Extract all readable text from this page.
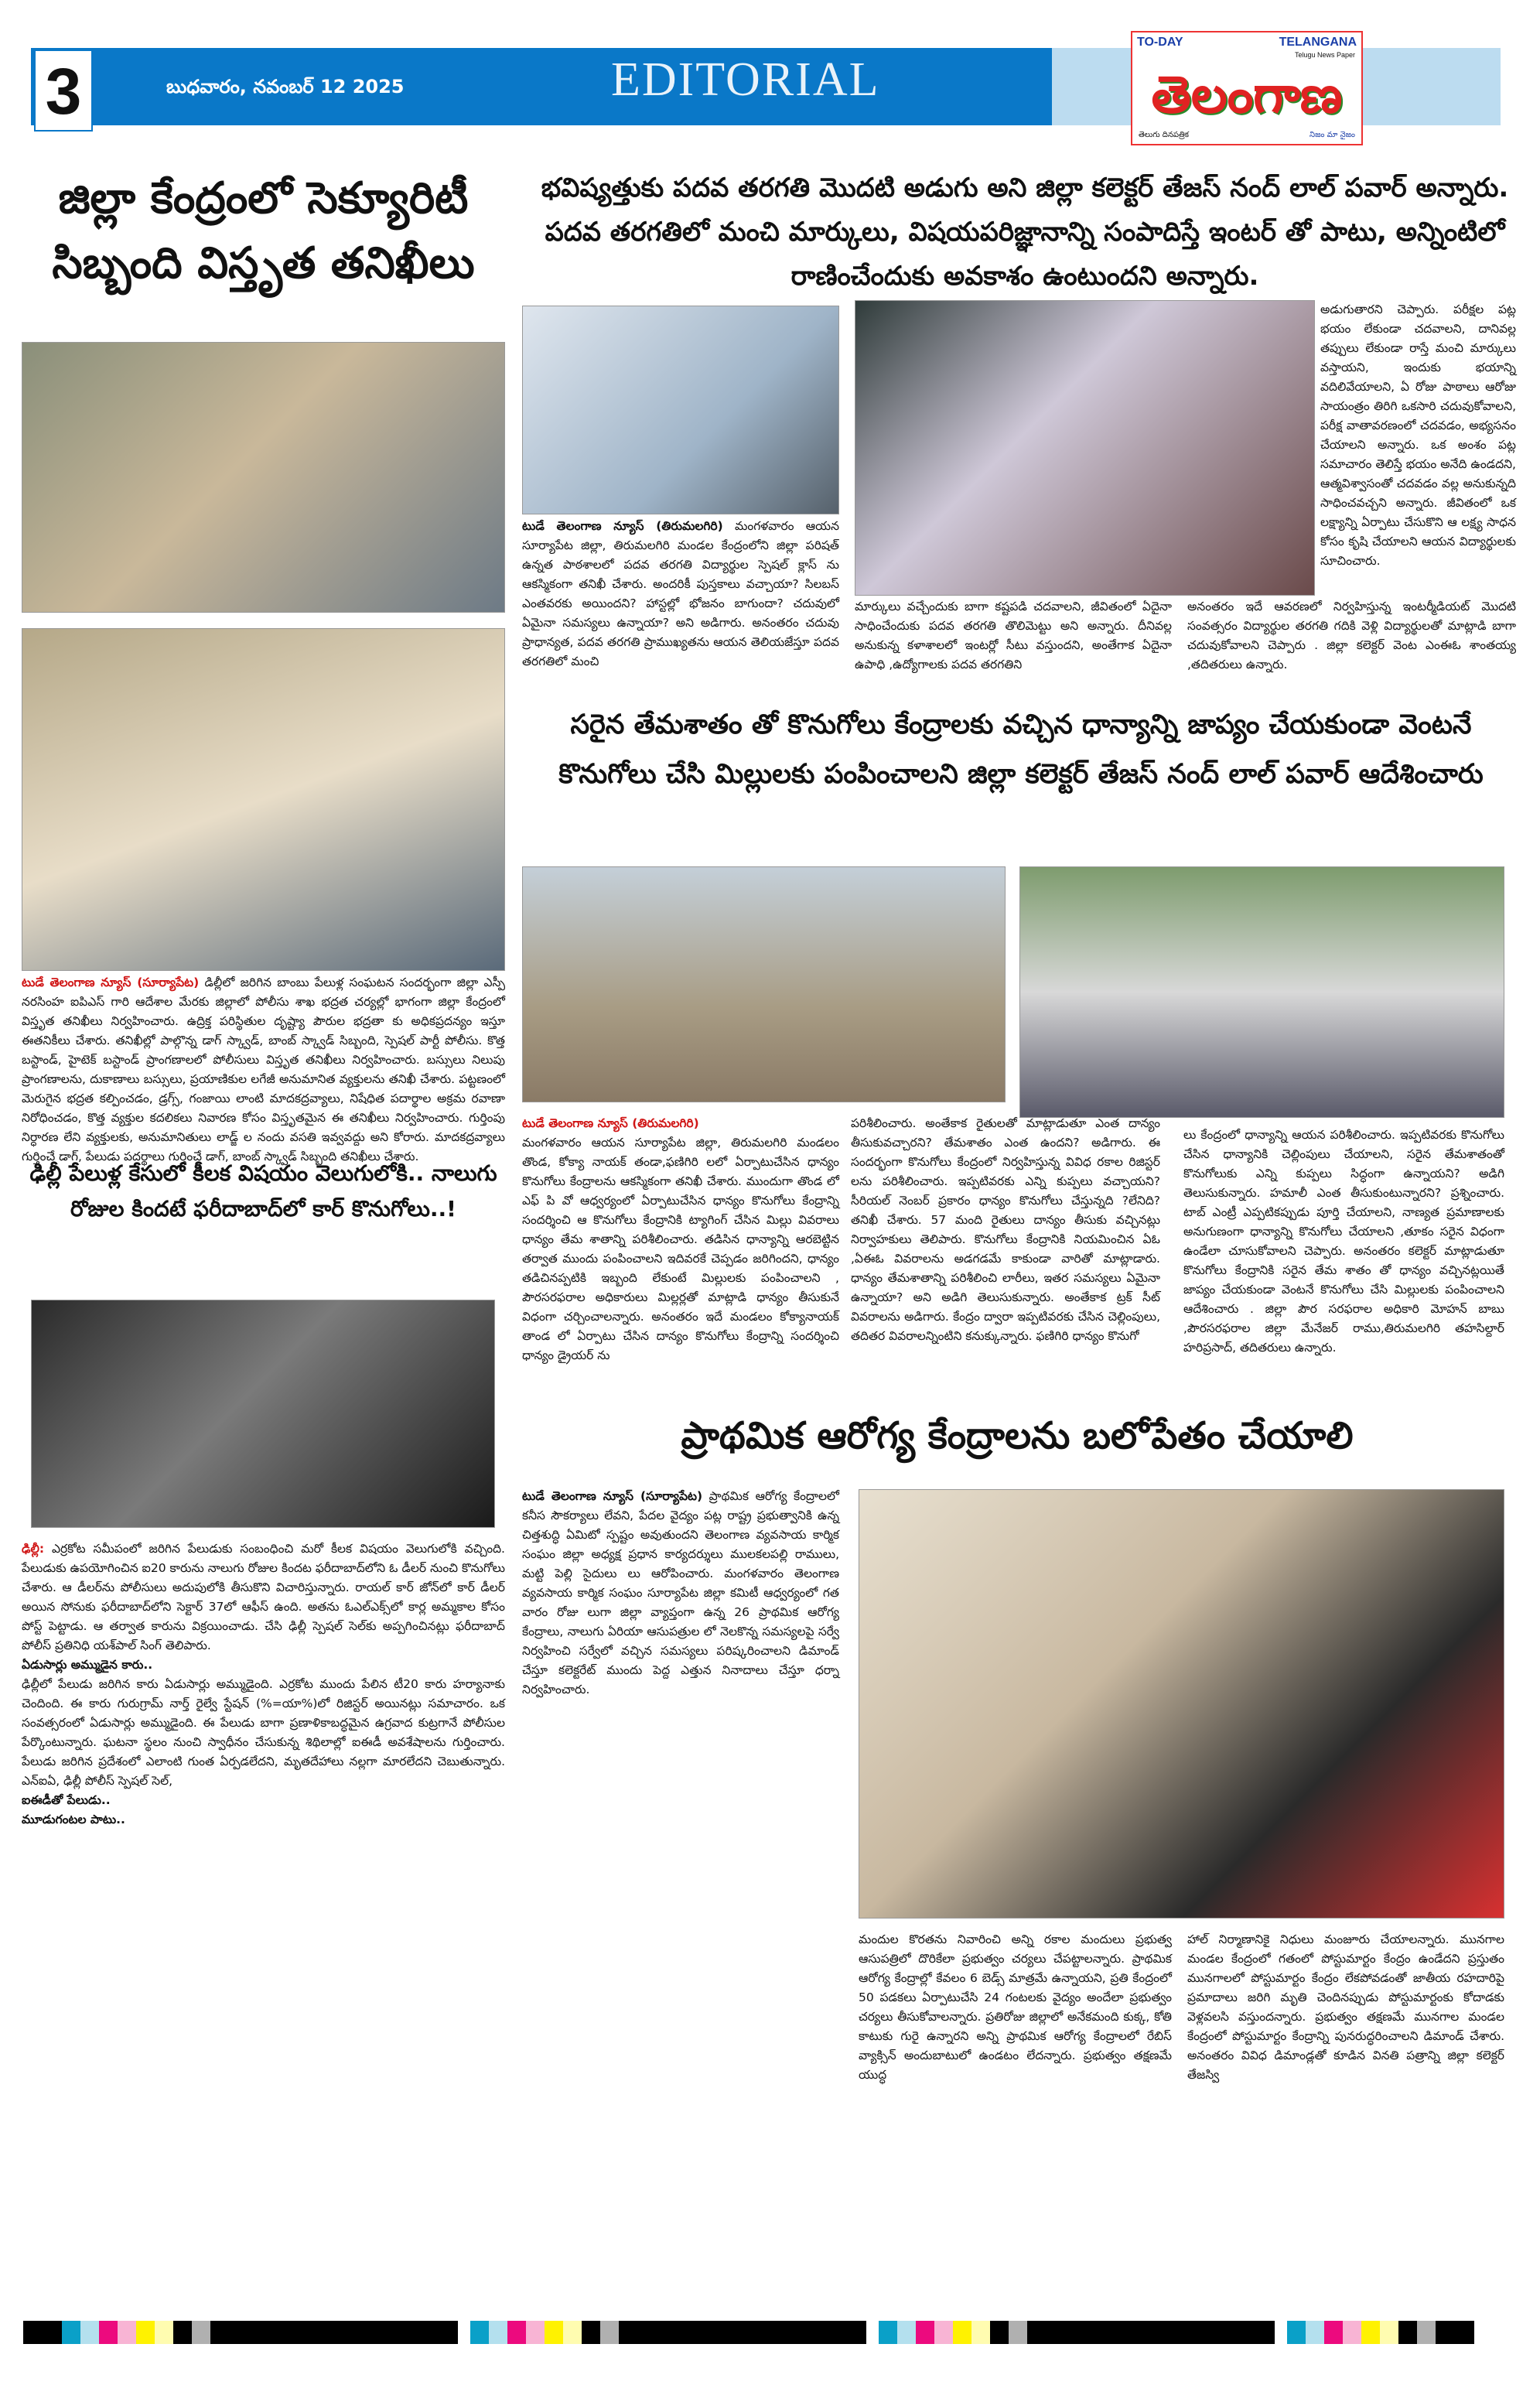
3	బుధవారం, నవంబర్ 12 2025	EDITORIAL
TO-DAY	TELANGANA
Telugu News Paper
తెలంగాణ
తెలుగు దినపత్రిక	నిజం మా నైజం
జిల్లా కేంద్రంలో సెక్యూరిటీ సిబ్బంది విస్తృత తనిఖీలు
టుడే తెలంగాణ న్యూస్ (సూర్యాపేట) డిల్లీలో జరిగిన బాంబు పేలుళ్ల సంఘటన సందర్భంగా జిల్లా ఎస్పీ నరసింహ ఐపిఎస్ గారి ఆదేశాల మేరకు జిల్లాలో పోలీసు శాఖ భద్రత చర్యల్లో భాగంగా జిల్లా కేంద్రంలో విస్తృత తనిఖీలు నిర్వహించారు. ఉద్రిక్త పరిస్థితుల దృష్ట్యా పౌరుల భద్రతా కు అధికప్రదన్యం ఇస్తూ ఈతనికీలు చేశారు. తనిఖీల్లో పాల్గొన్న డాగ్ స్క్వాడ్, బాంబ్ స్క్వాడ్ సిబ్బంది, స్పెషల్ పార్టీ పోలీసు. కొత్త బస్టాండ్, హైటెక్ బస్టాండ్ ప్రాంగణాలలో పోలీసులు విస్తృత తనిఖీలు నిర్వహించారు. బస్సులు నిలుపు ప్రాంగణాలను, దుకాణాలు బస్సులు, ప్రయాణికుల లగేజీ అనుమానిత వ్యక్తులను తనిఖీ చేశారు. పట్టణంలో మెరుగైన భద్రత కల్పించడం, డ్రగ్స్, గంజాయి లాంటి మాదకద్రవ్యాలు, నిషేధిత పదార్థాల అక్రమ రవాణా నిరోధించడం, కొత్త వ్యక్తుల కదలికలు నివారణ కోసం విస్తృతమైన ఈ తనిఖీలు నిర్వహించారు. గుర్తింపు నిర్ధారణ లేని వ్యక్తులకు, అనుమానితులు లాడ్జ్ ల నందు వసతి ఇవ్వవద్దు అని కోరారు. మాదకద్రవ్యాలు గుర్తించే డాగ్, పేలుడు పదర్థాలు గుర్తించే డాగ్, బాంబ్ స్క్వాడ్ సిబ్బంది తనిఖీలు చేశారు.
ఢిల్లీ పేలుళ్ల కేసులో కీలక విషయం వెలుగులోకి.. నాలుగు రోజుల కిందటే ఫరీదాబాద్‌లో కార్ కొనుగోలు..!
ఢిల్లీ: ఎర్రకోట సమీపంలో జరిగిన పేలుడుకు సంబంధించి మరో కీలక విషయం వెలుగులోకి వచ్చింది. పేలుడుకు ఉపయోగించిన ఐ20 కారును నాలుగు రోజుల కిందట ఫరీదాబాద్‌లోని ఓ డీలర్ నుంచి కొనుగోలు చేశారు. ఆ డీలర్‌ను పోలీసులు అదుపులోకి తీసుకొని విచారిస్తున్నారు. రాయల్ కార్ జోన్‌లో కార్ డీలర్ అయిన సోనుకు ఫరీదాబాద్‌లోని సెక్టార్ 37లో ఆఫీస్ ఉంది. అతను ఓఎల్ఎక్స్‌లో కార్ల అమ్మకాల కోసం పోస్ట్ పెట్టాడు. ఆ తర్వాత కారును విక్రయించాడు. చేసి ఢిల్లీ స్పెషల్ సెల్‌కు అప్పగించినట్లు ఫరీదాబాద్ పోలీస్ ప్రతినిధి యశ్‌పాల్ సింగ్ తెలిపారు.
ఏడుసార్లు అమ్ముడైన కారు..
ఢిల్లీలో పేలుడు జరిగిన కారు ఏడుసార్లు అమ్ముడైంది. ఎర్రకోట ముందు పేలిన టీ20 కారు హర్యానాకు చెందింది. ఈ కారు గురుగ్రామ్ నార్త్ రైల్వే స్టేషన్ (%=యా%)లో రిజిస్టర్ అయినట్లు సమాచారం. ఒక సంవత్సరంలో ఏడుసార్లు అమ్ముడైంది. ఈ పేలుడు బాగా ప్రణాళికాబద్ధమైన ఉగ్రవాద కుట్రగానే పోలీసుల పేర్కొంటున్నారు. ఘటనా స్థలం నుంచి స్వాధీనం చేసుకున్న శిథిలాల్లో ఐఈడీ అవశేషాలను గుర్తించారు. పేలుడు జరిగిన ప్రదేశంలో ఎలాంటి గుంత ఏర్పడలేదని, మృతదేహాలు నల్లగా మారలేదని చెబుతున్నారు. ఎన్ఐఏ, ఢిల్లీ పోలీస్ స్పెషల్ సెల్,
ఐఈడీతో పేలుడు..
మూడుగంటల పాటు..
భవిష్యత్తుకు పదవ తరగతి మొదటి అడుగు అని జిల్లా కలెక్టర్ తేజస్ నంద్ లాల్ పవార్ అన్నారు. పదవ తరగతిలో మంచి మార్కులు, విషయపరిజ్ఞానాన్ని సంపాదిస్తే ఇంటర్ తో పాటు, అన్నింటిలో రాణించేందుకు అవకాశం ఉంటుందని అన్నారు.
టుడే తెలంగాణ న్యూస్ (తిరుమలగిరి) మంగళవారం ఆయన సూర్యాపేట జిల్లా, తిరుమలగిరి మండల కేంద్రంలోని జిల్లా పరిషత్ ఉన్నత పాఠశాలలో పదవ తరగతి విద్యార్థుల స్పెషల్ క్లాస్ ను ఆకస్మికంగా తనిఖీ చేశారు. అందరికీ పుస్తకాలు వచ్చాయా? సిలబస్ ఎంతవరకు అయిందని? హాస్టల్లో భోజనం బాగుందా? చదువులో ఏమైనా సమస్యలు ఉన్నాయా? అని అడిగారు. అనంతరం చదువు ప్రాధాన్యత, పదవ తరగతి ప్రాముఖ్యతను ఆయన తెలియజేస్తూ పదవ తరగతిలో మంచి
అడుగుతారని చెప్పారు. పరీక్షల పట్ల భయం లేకుండా చదవాలని, దానివల్ల తప్పులు లేకుండా రాస్తే మంచి మార్కులు వస్తాయని, ఇందుకు భయాన్ని వదిలివేయాలని, ఏ రోజు పాఠాలు ఆరోజు సాయంత్రం తిరిగి ఒకసారి చదువుకోవాలని, పరీక్ష వాతావరణంలో చదవడం, అభ్యసనం చేయాలని అన్నారు. ఒక అంశం పట్ల సమాచారం తెలిస్తే భయం అనేది ఉండదని, ఆత్మవిశ్వాసంతో చదవడం వల్ల అనుకున్నది సాధించవచ్చని అన్నారు. జీవితంలో ఒక లక్ష్యాన్ని ఏర్పాటు చేసుకొని ఆ లక్ష్య సాధన కోసం కృషి చేయాలని ఆయన విద్యార్థులకు సూచించారు.
మార్కులు వచ్చేందుకు బాగా కష్టపడి చదవాలని, జీవితంలో ఏదైనా సాధించేందుకు పదవ తరగతి తొలిమెట్టు అని అన్నారు. దీనివల్ల అనుకున్న కళాశాలలో ఇంటర్లో సీటు వస్తుందని, అంతేగాక ఏదైనా ఉపాధి ,ఉద్యోగాలకు పదవ తరగతిని
అనంతరం ఇదే ఆవరణలో నిర్వహిస్తున్న ఇంటర్మీడియట్ మొదటి సంవత్సరం విద్యార్థుల తరగతి గదికి వెళ్లి విద్యార్థులతో మాట్లాడి బాగా చదువుకోవాలని చెప్పారు . జిల్లా కలెక్టర్ వెంట ఎంఈఓ శాంతయ్య ,తదితరులు ఉన్నారు.
సరైన తేమశాతం తో కొనుగోలు కేంద్రాలకు వచ్చిన ధాన్యాన్ని జాప్యం చేయకుండా వెంటనే కొనుగోలు చేసి మిల్లులకు పంపించాలని జిల్లా కలెక్టర్ తేజస్ నంద్ లాల్ పవార్ ఆదేశించారు
టుడే తెలంగాణ న్యూస్ (తిరుమలగిరి)
మంగళవారం ఆయన సూర్యాపేట జిల్లా, తిరుమలగిరి మండలం తొండ, కోక్యా నాయక్ తండా,ఫణిగిరి లలో ఏర్పాటుచేసిన ధాన్యం కొనుగోలు కేంద్రాలను ఆకస్మికంగా తనిఖీ చేశారు. ముందుగా తొండ లో ఎఫ్ పి వో ఆధ్వర్యంలో ఏర్పాటుచేసిన ధాన్యం కొనుగోలు కేంద్రాన్ని సందర్శించి ఆ కొనుగోలు కేంద్రానికి ట్యాగింగ్ చేసిన మిల్లు వివరాలు ధాన్యం తేమ శాతాన్ని పరిశీలించారు. తడిసిన ధాన్యాన్ని ఆరబెట్టిన తర్వాత ముందు పంపించాలని ఇదివరకే చెప్పడం జరిగిందని, ధాన్యం తడిచినప్పటికి ఇబ్బంది లేకుంటే మిల్లులకు పంపించాలని , పౌరసరఫరాల అధికారులు మిల్లర్లతో మాట్లాడి ధాన్యం తీసుకునే విధంగా చర్చించాలన్నారు. అనంతరం ఇదే మండలం కోక్యానాయక్ తాండ లో ఏర్పాటు చేసిన దాన్యం కొనుగోలు కేంద్రాన్ని సందర్శించి ధాన్యం డ్రైయర్ ను
పరిశీలించారు. అంతేకాక రైతులతో మాట్లాడుతూ ఎంత దాన్యం తీసుకువచ్చారని? తేమశాతం ఎంత ఉందని? అడిగారు. ఈ సందర్భంగా కొనుగోలు కేంద్రంలో నిర్వహిస్తున్న వివిధ రకాల రిజిస్టర్ లను పరిశీలించారు. ఇప్పటివరకు ఎన్ని కుప్పలు వచ్చాయని? సీరియల్ నెంబర్ ప్రకారం ధాన్యం కొనుగోలు చేస్తున్నది ?లేనిది? తనిఖీ చేశారు. 57 మంది రైతులు దాన్యం తీసుకు వచ్చినట్లు నిర్వాహకులు తెలిపారు. కొనుగోలు కేంద్రానికి నియమించిన ఏఓ ,ఏఈఓ వివరాలను అడగడమే కాకుండా వారితో మాట్లాడారు. ధాన్యం తేమశాతాన్ని పరిశీలించి లారీలు, ఇతర సమస్యలు ఏమైనా ఉన్నాయా? అని అడిగి తెలుసుకున్నారు. అంతేకాక ట్రక్ సీట్ వివరాలను అడిగారు. కేంద్రం ద్వారా ఇప్పటివరకు చేసిన చెల్లింపులు, తదితర వివరాలన్నింటిని కనుక్కున్నారు. ఫణిగిరి ధాన్యం కొనుగో
లు కేంద్రంలో ధాన్యాన్ని ఆయన పరిశీలించారు. ఇప్పటివరకు కొనుగోలు చేసిన ధాన్యానికి చెల్లింపులు చేయాలని, సరైన తేమశాతంతో కొనుగోలుకు ఎన్ని కుప్పలు సిద్ధంగా ఉన్నాయని? అడిగి తెలుసుకున్నారు. హమాలీ ఎంత తీసుకుంటున్నారని? ప్రశ్నించారు. టాబ్ ఎంట్రీ ఎప్పటికప్పుడు పూర్తి చేయాలని, నాణ్యత ప్రమాణాలకు అనుగుణంగా ధాన్యాన్ని కొనుగోలు చేయాలని ,తూకం సరైన విధంగా ఉండేలా చూసుకోవాలని చెప్పారు. అనంతరం కలెక్టర్ మాట్లాడుతూ కొనుగోలు కేంద్రానికి సరైన తేమ శాతం తో ధాన్యం వచ్చినట్లయితే జాప్యం చేయకుండా వెంటనే కొనుగోలు చేసి మిల్లులకు పంపించాలని ఆదేశించారు . జిల్లా పౌర సరఫరాల అధికారి మోహన్ బాబు ,పౌరసరఫరాల జిల్లా మేనేజర్ రాము,తిరుమలగిరి తహసిల్దార్ హరిప్రసాద్, తదితరులు ఉన్నారు.
ప్రాథమిక ఆరోగ్య కేంద్రాలను బలోపేతం చేయాలి
టుడే తెలంగాణ న్యూస్ (సూర్యాపేట) ప్రాథమిక ఆరోగ్య కేంద్రాలలో కనీస సౌకర్యాలు లేవని, పేదల వైద్యం పట్ల రాష్ట్ర ప్రభుత్వానికి ఉన్న చిత్తశుద్ధి ఏమిటో స్పష్టం అవుతుందని తెలంగాణ వ్యవసాయ కార్మిక సంఘం జిల్లా అధ్యక్ష ప్రధాన కార్యదర్శులు ములకలపల్లి రాములు, మట్టి పెల్లి సైదులు లు ఆరోపించారు. మంగళవారం తెలంగాణ వ్యవసాయ కార్మిక సంఘం సూర్యాపేట జిల్లా కమిటీ ఆధ్వర్యంలో గత వారం రోజు లుగా జిల్లా వ్యాప్తంగా ఉన్న 26 ప్రాథమిక ఆరోగ్య కేంద్రాలు, నాలుగు ఏరియా ఆసుపత్రుల లో నెలకొన్న సమస్యలపై సర్వే నిర్వహించి సర్వేలో వచ్చిన సమస్యలు పరిష్కరించాలని డిమాండ్ చేస్తూ కలెక్టరేట్ ముందు పెద్ద ఎత్తున నినాదాలు చేస్తూ ధర్నా నిర్వహించారు.
మందుల కొరతను నివారించి అన్ని రకాల మందులు ప్రభుత్వ ఆసుపత్రిలో దొరికేలా ప్రభుత్వం చర్యలు చేపట్టాలన్నారు. ప్రాథమిక ఆరోగ్య కేంద్రాల్లో కేవలం 6 బెడ్స్ మాత్రమే ఉన్నాయని, ప్రతి కేంద్రంలో 50 పడకలు ఏర్పాటుచేసి 24 గంటలకు వైద్యం అందేలా ప్రభుత్వం చర్యలు తీసుకోవాలన్నారు. ప్రతిరోజు జిల్లాలో అనేకమంది కుక్క, కోతి కాటుకు గురై ఉన్నారని అన్ని ప్రాథమిక ఆరోగ్య కేంద్రాలలో రేబిస్ వ్యాక్సిన్ అందుబాటులో ఉండటం లేదన్నారు. ప్రభుత్వం తక్షణమే యుద్ధ
హాల్ నిర్మాణానికై నిధులు మంజూరు చేయాలన్నారు. మునగాల మండల కేంద్రంలో గతంలో పోస్టుమార్టం కేంద్రం ఉండేదని ప్రస్తుతం మునగాలలో పోస్టుమార్టం కేంద్రం లేకపోవడంతో జాతీయ రహదారిపై ప్రమాదాలు జరిగి మృతి చెందినప్పుడు పోస్టుమార్టంకు కోదాడకు వెళ్లవలసి వస్తుందన్నారు. ప్రభుత్వం తక్షణమే మునగాల మండల కేంద్రంలో పోస్టుమార్టం కేంద్రాన్ని పునరుద్ధరించాలని డిమాండ్ చేశారు. అనంతరం వివిధ డిమాండ్లతో కూడిన వినతి పత్రాన్ని జిల్లా కలెక్టర్ తేజస్వి
